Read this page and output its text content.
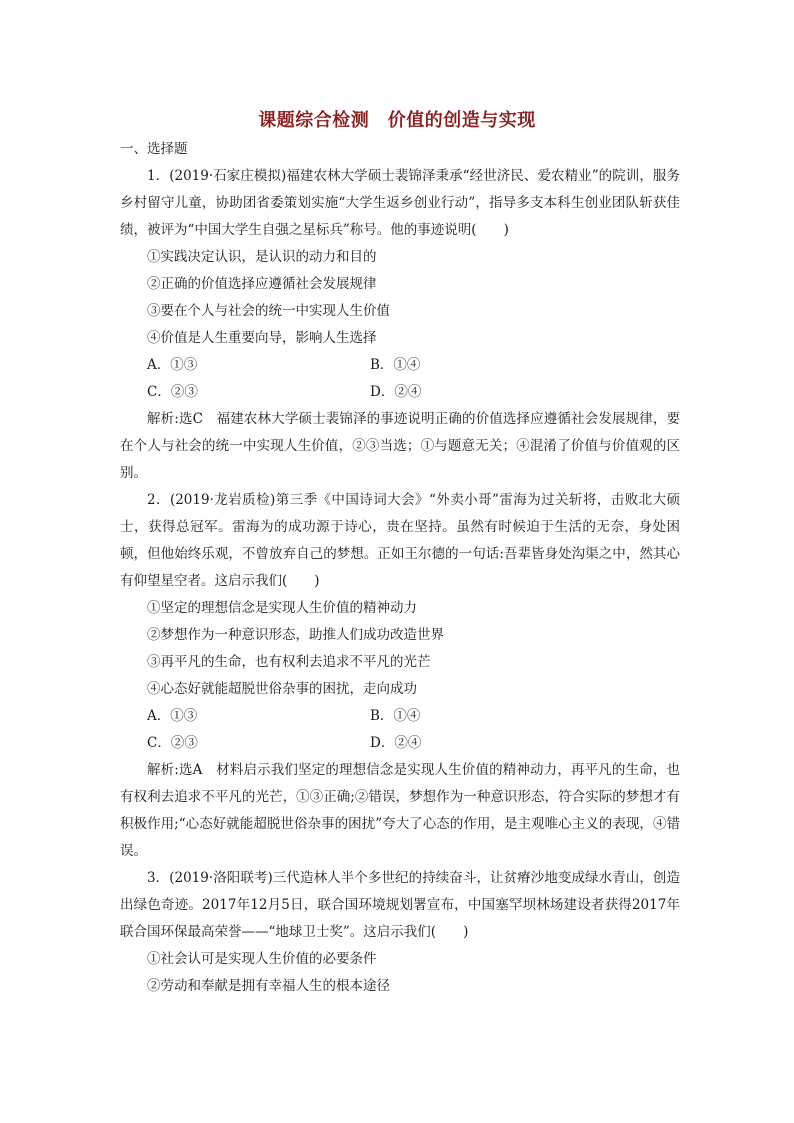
课题综合检测　价值的创造与实现

一、选择题

1．(2019·石家庄模拟)福建农林大学硕士裴锦泽秉承“经世济民、爱农精业”的院训，服务乡村留守儿童，协助团省委策划实施“大学生返乡创业行动”，指导多支本科生创业团队斩获佳绩，被评为“中国大学生自强之星标兵”称号。他的事迹说明(　　)

①实践决定认识，是认识的动力和目的

②正确的价值选择应遵循社会发展规律

③要在个人与社会的统一中实现人生价值

④价值是人生重要向导，影响人生选择

A．①③	B．①④
C．②③	D．②④

解析:选C　福建农林大学硕士裴锦泽的事迹说明正确的价值选择应遵循社会发展规律，要在个人与社会的统一中实现人生价值，②③当选；①与题意无关；④混淆了价值与价值观的区别。

2．(2019·龙岩质检)第三季《中国诗词大会》“外卖小哥”雷海为过关斩将，击败北大硕士，获得总冠军。雷海为的成功源于诗心，贵在坚持。虽然有时候迫于生活的无奈，身处困顿，但他始终乐观，不曾放弃自己的梦想。正如王尔德的一句话:吾辈皆身处沟渠之中，然其心有仰望星空者。这启示我们(　　)

①坚定的理想信念是实现人生价值的精神动力

②梦想作为一种意识形态，助推人们成功改造世界

③再平凡的生命，也有权利去追求不平凡的光芒

④心态好就能超脱世俗杂事的困扰，走向成功

A．①③	B．①④
C．②③	D．②④

解析:选A　材料启示我们坚定的理想信念是实现人生价值的精神动力，再平凡的生命，也有权利去追求不平凡的光芒，①③正确;②错误，梦想作为一种意识形态，符合实际的梦想才有积极作用;“心态好就能超脱世俗杂事的困扰”夸大了心态的作用，是主观唯心主义的表现，④错误。

3．(2019·洛阳联考)三代造林人半个多世纪的持续奋斗，让贫瘠沙地变成绿水青山，创造出绿色奇迹。2017年12月5日，联合国环境规划署宣布，中国塞罕坝林场建设者获得2017年联合国环保最高荣誉——“地球卫士奖”。这启示我们(　　)

①社会认可是实现人生价值的必要条件

②劳动和奉献是拥有幸福人生的根本途径
